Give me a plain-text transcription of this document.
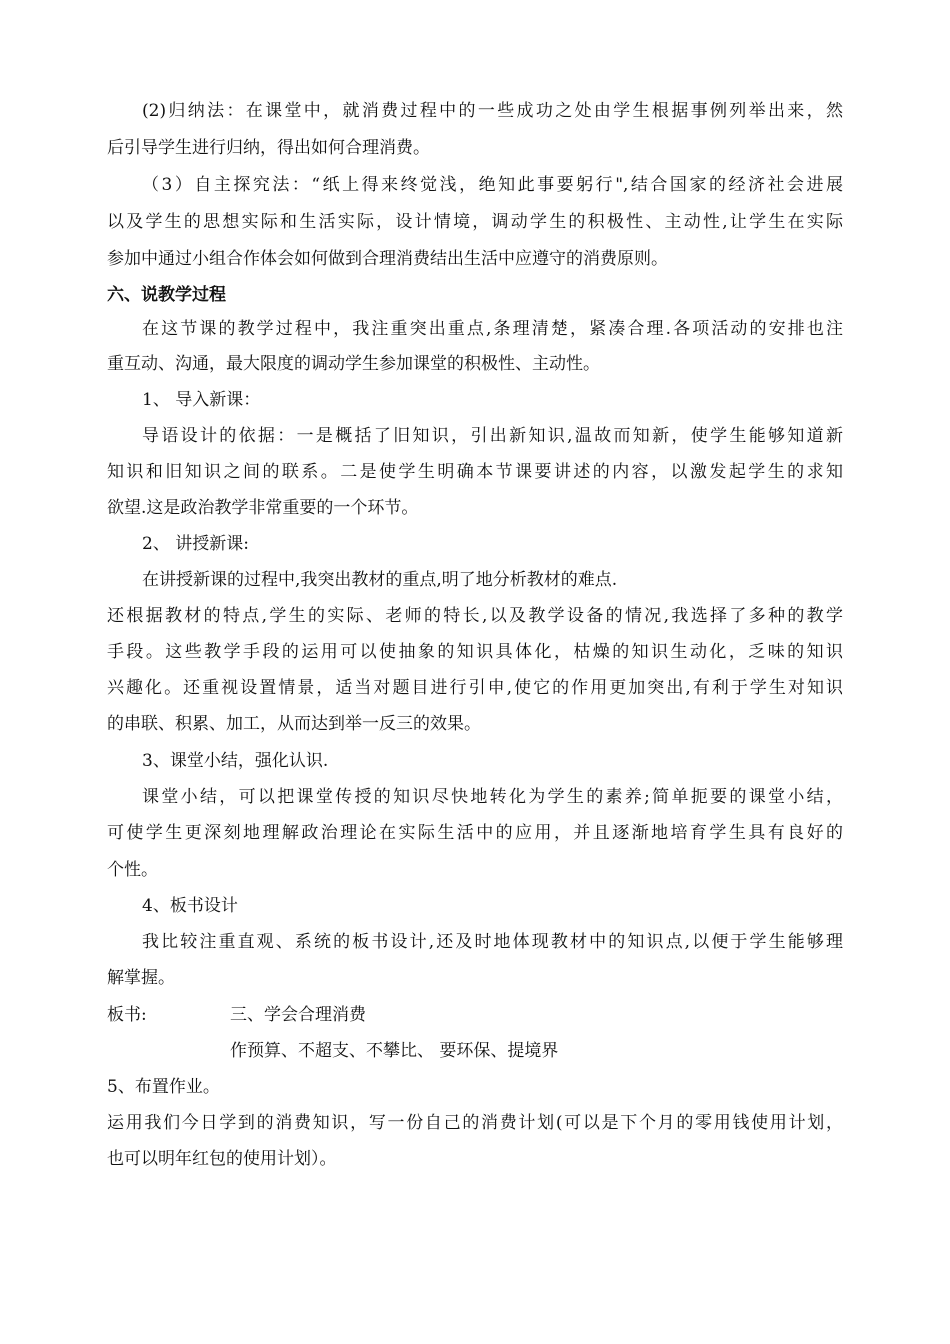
(2)归纳法：在课堂中，就消费过程中的一些成功之处由学生根据事例列举出来，然
后引导学生进行归纳，得出如何合理消费。
（3）自主探究法：“纸上得来终觉浅，绝知此事要躬行",结合国家的经济社会进展
以及学生的思想实际和生活实际，设计情境，调动学生的积极性、主动性,让学生在实际
参加中通过小组合作体会如何做到合理消费结出生活中应遵守的消费原则。
六、说教学过程
在这节课的教学过程中，我注重突出重点,条理清楚，紧凑合理.各项活动的安排也注
重互动、沟通，最大限度的调动学生参加课堂的积极性、主动性。
1、 导入新课：
导语设计的依据：一是概括了旧知识，引出新知识,温故而知新，使学生能够知道新
知识和旧知识之间的联系。二是使学生明确本节课要讲述的内容，以激发起学生的求知
欲望.这是政治教学非常重要的一个环节。
2、 讲授新课:
在讲授新课的过程中,我突出教材的重点,明了地分析教材的难点.
还根据教材的特点,学生的实际、老师的特长,以及教学设备的情况,我选择了多种的教学
手段。这些教学手段的运用可以使抽象的知识具体化，枯燥的知识生动化，乏味的知识
兴趣化。还重视设置情景，适当对题目进行引申,使它的作用更加突出,有利于学生对知识
的串联、积累、加工，从而达到举一反三的效果。
3、课堂小结，强化认识.
课堂小结，可以把课堂传授的知识尽快地转化为学生的素养;简单扼要的课堂小结，
可使学生更深刻地理解政治理论在实际生活中的应用，并且逐渐地培育学生具有良好的
个性。
4、板书设计
我比较注重直观、系统的板书设计,还及时地体现教材中的知识点,以便于学生能够理
解掌握。
板书:	三、学会合理消费
作预算、不超支、不攀比、 要环保、提境界
5、布置作业。
运用我们今日学到的消费知识，写一份自己的消费计划(可以是下个月的零用钱使用计划，
也可以明年红包的使用计划）。
